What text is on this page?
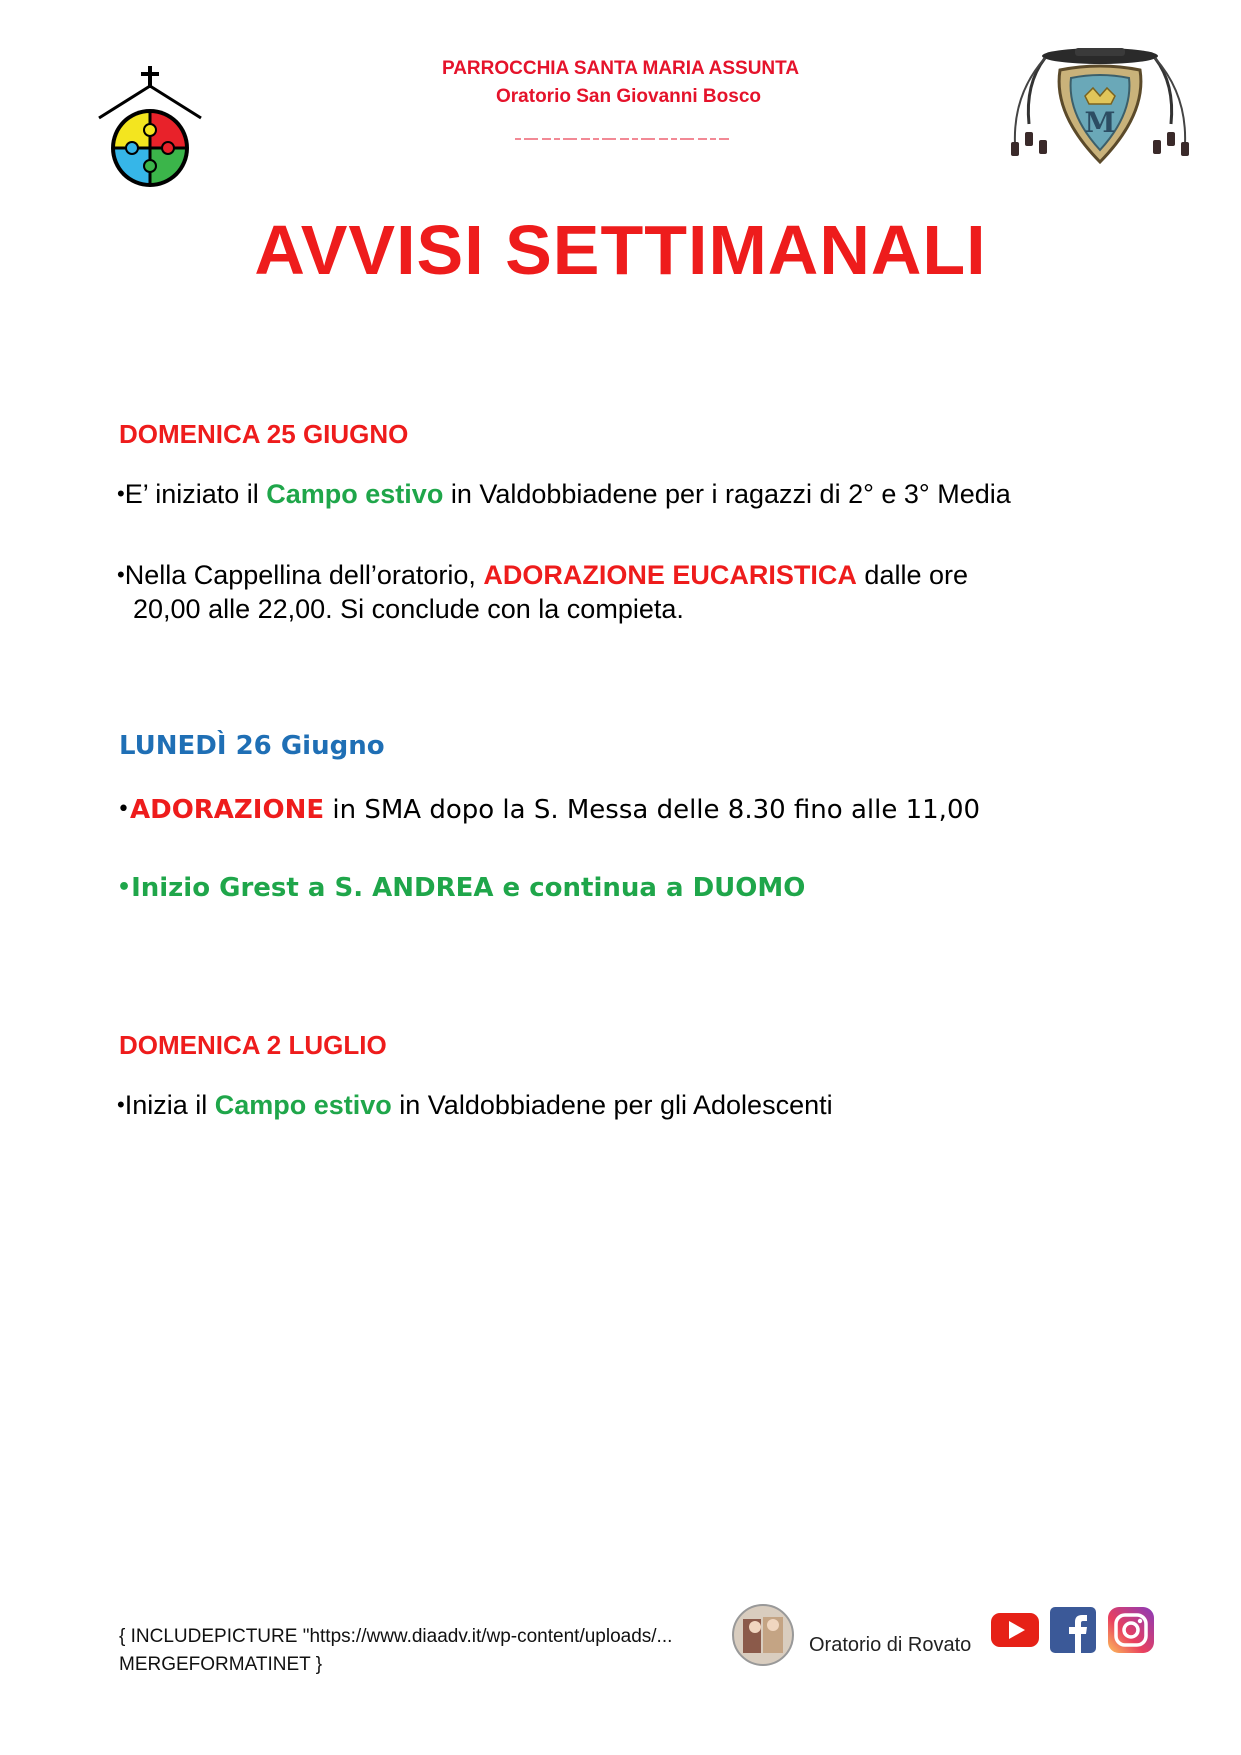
PARROCCHIA SANTA MARIA ASSUNTA
Oratorio San Giovanni Bosco
M
AVVISI SETTIMANALI
DOMENICA 25 GIUGNO
•E’ iniziato il Campo estivo in Valdobbiadene per i ragazzi di 2° e 3° Media
•Nella Cappellina dell’oratorio, ADORAZIONE EUCARISTICA dalle ore
20,00 alle 22,00. Si conclude con la compieta.
LUNEDÌ 26 Giugno
•ADORAZIONE in SMA dopo la S. Messa delle 8.30 fino alle 11,00
•Inizio Grest a S. ANDREA e continua a DUOMO
DOMENICA 2 LUGLIO
•Inizia il Campo estivo in Valdobbiadene per gli Adolescenti
{ INCLUDEPICTURE "https://www.diaadv.it/wp-content/uploads/...
MERGEFORMATINET }
Oratorio di Rovato
